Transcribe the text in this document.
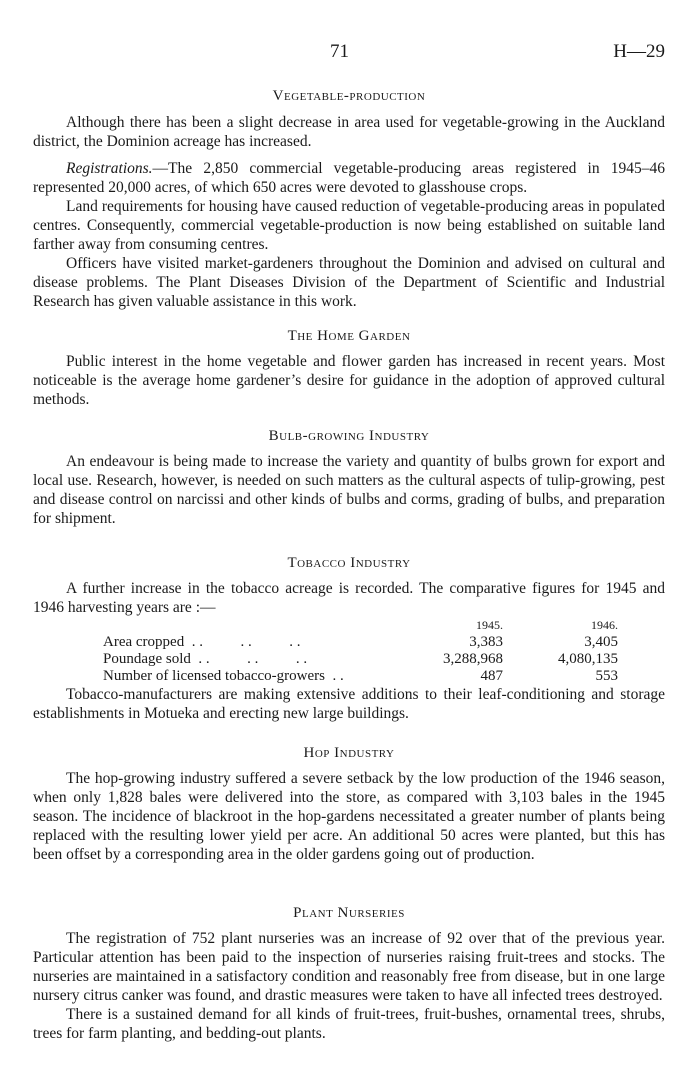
71	H—29
Vegetable-production

Although there has been a slight decrease in area used for vegetable-growing in the Auckland district, the Dominion acreage has increased.

Registrations.—The 2,850 commercial vegetable-producing areas registered in 1945–46 represented 20,000 acres, of which 650 acres were devoted to glasshouse crops.

Land requirements for housing have caused reduction of vegetable-producing areas in populated centres. Consequently, commercial vegetable-production is now being established on suitable land farther away from consuming centres.

Officers have visited market-gardeners throughout the Dominion and advised on cultural and disease problems. The Plant Diseases Division of the Department of Scientific and Industrial Research has given valuable assistance in this work.

The Home Garden

Public interest in the home vegetable and flower garden has increased in recent years. Most noticeable is the average home gardener’s desire for guidance in the adoption of approved cultural methods.

Bulb-growing Industry

An endeavour is being made to increase the variety and quantity of bulbs grown for export and local use. Research, however, is needed on such matters as the cultural aspects of tulip-growing, pest and disease control on narcissi and other kinds of bulbs and corms, grading of bulbs, and preparation for shipment.

Tobacco Industry

A further increase in the tobacco acreage is recorded. The comparative figures for 1945 and 1946 harvesting years are :—

		1945.	1946.
Area cropped  . .          . .          . .		3,383	3,405
Poundage sold  . .          . .          . .		3,288,968	4,080,135
Number of licensed tobacco-growers  . .		487	553

Tobacco-manufacturers are making extensive additions to their leaf-conditioning and storage establishments in Motueka and erecting new large buildings.

Hop Industry

The hop-growing industry suffered a severe setback by the low production of the 1946 season, when only 1,828 bales were delivered into the store, as compared with 3,103 bales in the 1945 season. The incidence of blackroot in the hop-gardens necessitated a greater number of plants being replaced with the resulting lower yield per acre. An additional 50 acres were planted, but this has been offset by a corresponding area in the older gardens going out of production.

Plant Nurseries

The registration of 752 plant nurseries was an increase of 92 over that of the previous year. Particular attention has been paid to the inspection of nurseries raising fruit-trees and stocks. The nurseries are maintained in a satisfactory condition and reasonably free from disease, but in one large nursery citrus canker was found, and drastic measures were taken to have all infected trees destroyed.

There is a sustained demand for all kinds of fruit-trees, fruit-bushes, ornamental trees, shrubs, trees for farm planting, and bedding-out plants.
